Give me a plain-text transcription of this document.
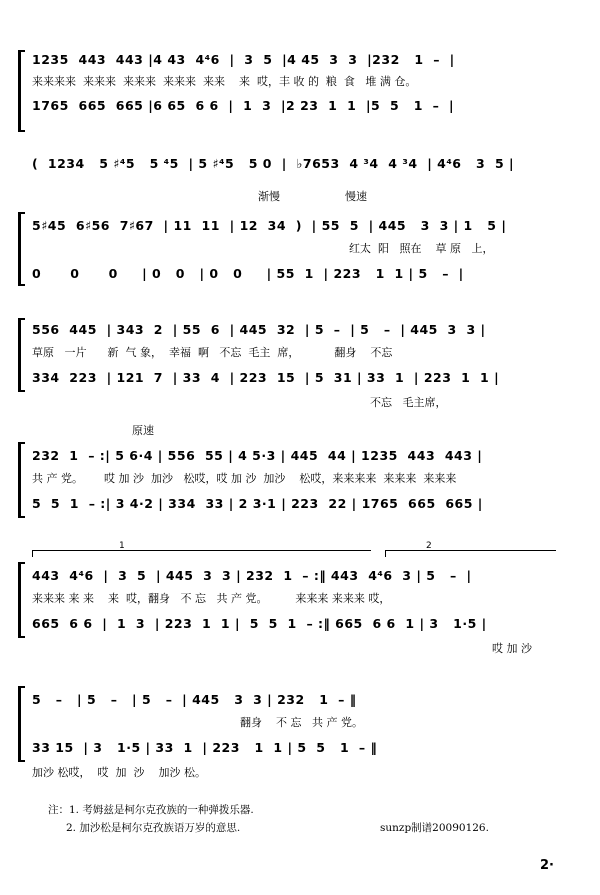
1235  443  443 |4 43  4⁴6  |  3  5  |4 45  3  3  |232   1  –  |
来来来来  来来来  来来来  来来来  来来    来  哎，丰 收 的  粮  食   堆 满 仓。
1765  665  665 |6 65  6 6  |  1  3  |2 23  1  1  |5  5   1  –  |
(  1234   5 ♯⁴5   5 ⁴5  | 5 ♯⁴5   5 0  |  ♭7653  4 ³4  4 ³4  | 4⁴6   3  5 |
渐慢	慢速
5♯45  6♯56  7♯67  | 11  11  | 12  34  )  | 55  5  | 445   3  3 | 1   5 |
红太  阳   照在    草 原   上，
0      0      0     | 0   0   | 0   0     | 55  1  | 223   1  1 | 5   –  |
556  445  | 343  2  | 55  6  | 445  32  | 5  –  | 5   –  | 445  3  3 |
草原   一片      新  气 象，  幸福  啊   不忘  毛主  席，          翻身    不忘
334  223  | 121  7  | 33  4  | 223  15  | 5  31 | 33  1  | 223  1  1 |
不忘   毛主席，
原速
232  1  – :| 5 6·4 | 556  55 | 4 5·3 | 445  44 | 1235  443  443 |
共 产 党。      哎 加 沙  加沙   松哎，哎 加 沙  加沙    松哎，来来来来  来来来  来来来
5  5  1  – :| 3 4·2 | 334  33 | 2 3·1 | 223  22 | 1765  665  665 |
1	2
443  4⁴6  |  3  5  | 445  3  3 | 232  1  – :‖ 443  4⁴6  3 | 5   –  |
来来来 来 来    来  哎，翻身   不 忘   共 产 党。        来来来 来来来 哎，
665  6 6  |  1  3  | 223  1  1 |  5  5  1  – :‖ 665  6 6  1 | 3   1·5 |
哎 加 沙
5   –   | 5   –   | 5   –  | 445   3  3 | 232   1  – ‖
翻身    不 忘   共 产 党。
33 15  | 3   1·5 | 33  1  | 223   1  1 | 5  5   1  – ‖
加沙 松哎，  哎  加  沙    加沙 松。
注：1. 考姆兹是柯尔克孜族的一种弹拨乐器.
2. 加沙松是柯尔克孜族语万岁的意思.	sunzp制谱20090126.
2·
